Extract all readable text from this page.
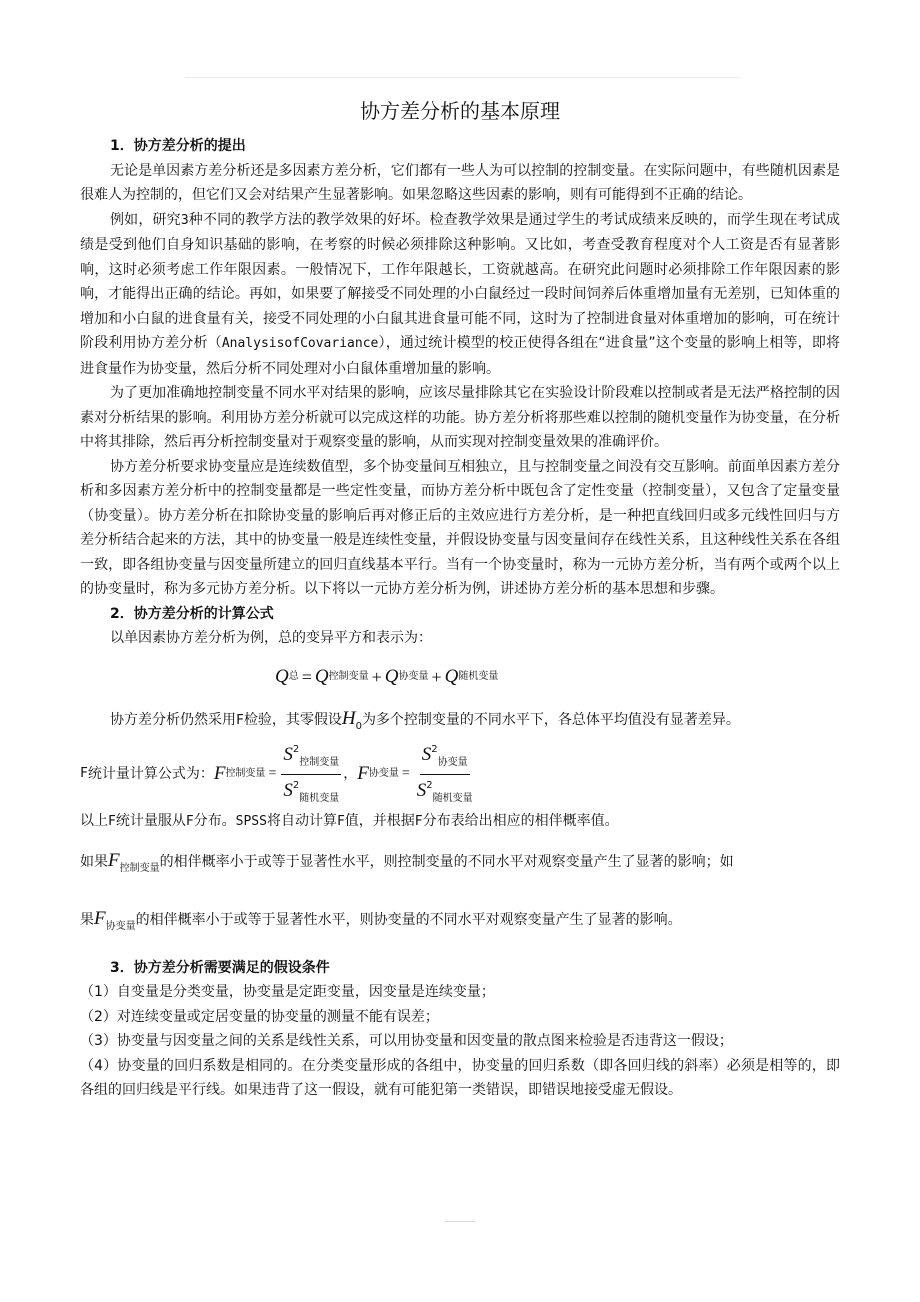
协方差分析的基本原理

1．协方差分析的提出

无论是单因素方差分析还是多因素方差分析，它们都有一些人为可以控制的控制变量。在实际问题中，有些随机因素是很难人为控制的，但它们又会对结果产生显著影响。如果忽略这些因素的影响，则有可能得到不正确的结论。

例如，研究3种不同的教学方法的教学效果的好坏。检查教学效果是通过学生的考试成绩来反映的，而学生现在考试成绩是受到他们自身知识基础的影响，在考察的时候必须排除这种影响。又比如，考查受教育程度对个人工资是否有显著影响，这时必须考虑工作年限因素。一般情况下，工作年限越长，工资就越高。在研究此问题时必须排除工作年限因素的影响，才能得出正确的结论。再如，如果要了解接受不同处理的小白鼠经过一段时间饲养后体重增加量有无差别，已知体重的增加和小白鼠的进食量有关，接受不同处理的小白鼠其进食量可能不同，这时为了控制进食量对体重增加的影响，可在统计阶段利用协方差分析（AnalysisofCovariance），通过统计模型的校正使得各组在“进食量”这个变量的影响上相等，即将进食量作为协变量，然后分析不同处理对小白鼠体重增加量的影响。

为了更加准确地控制变量不同水平对结果的影响，应该尽量排除其它在实验设计阶段难以控制或者是无法严格控制的因素对分析结果的影响。利用协方差分析就可以完成这样的功能。协方差分析将那些难以控制的随机变量作为协变量，在分析中将其排除，然后再分析控制变量对于观察变量的影响，从而实现对控制变量效果的准确评价。

协方差分析要求协变量应是连续数值型，多个协变量间互相独立，且与控制变量之间没有交互影响。前面单因素方差分析和多因素方差分析中的控制变量都是一些定性变量，而协方差分析中既包含了定性变量（控制变量），又包含了定量变量（协变量）。协方差分析在扣除协变量的影响后再对修正后的主效应进行方差分析，是一种把直线回归或多元线性回归与方差分析结合起来的方法，其中的协变量一般是连续性变量，并假设协变量与因变量间存在线性关系，且这种线性关系在各组一致，即各组协变量与因变量所建立的回归直线基本平行。当有一个协变量时，称为一元协方差分析，当有两个或两个以上的协变量时，称为多元协方差分析。以下将以一元协方差分析为例，讲述协方差分析的基本思想和步骤。

2．协方差分析的计算公式

以单因素协方差分析为例，总的变异平方和表示为：

Q 总 = Q 控制变量 + Q 协变量 + Q 随机变量

协方差分析仍然采用F检验，其零假设$H_0$为多个控制变量的不同水平下，各总体平均值没有显著差异。

F 统计量计算公式为： F 控制变量 = $\frac{S^2_{控制变量}}{S^2_{随机变量}}$ ， F 协变量 = $\frac{S^2_{协变量}}{S^2_{随机变量}}$

以上F统计量服从F分布。SPSS将自动计算F值，并根据F分布表给出相应的相伴概率值。

如果$F_{控制变量}$的相伴概率小于或等于显著性水平，则控制变量的不同水平对观察变量产生了显著的影响；如

果$F_{协变量}$的相伴概率小于或等于显著性水平，则协变量的不同水平对观察变量产生了显著的影响。

3．协方差分析需要满足的假设条件

（1）自变量是分类变量，协变量是定距变量，因变量是连续变量；

（2）对连续变量或定居变量的协变量的测量不能有误差；

（3）协变量与因变量之间的关系是线性关系，可以用协变量和因变量的散点图来检验是否违背这一假设；

（4）协变量的回归系数是相同的。在分类变量形成的各组中，协变量的回归系数（即各回归线的斜率）必须是相等的，即各组的回归线是平行线。如果违背了这一假设，就有可能犯第一类错误，即错误地接受虚无假设。
